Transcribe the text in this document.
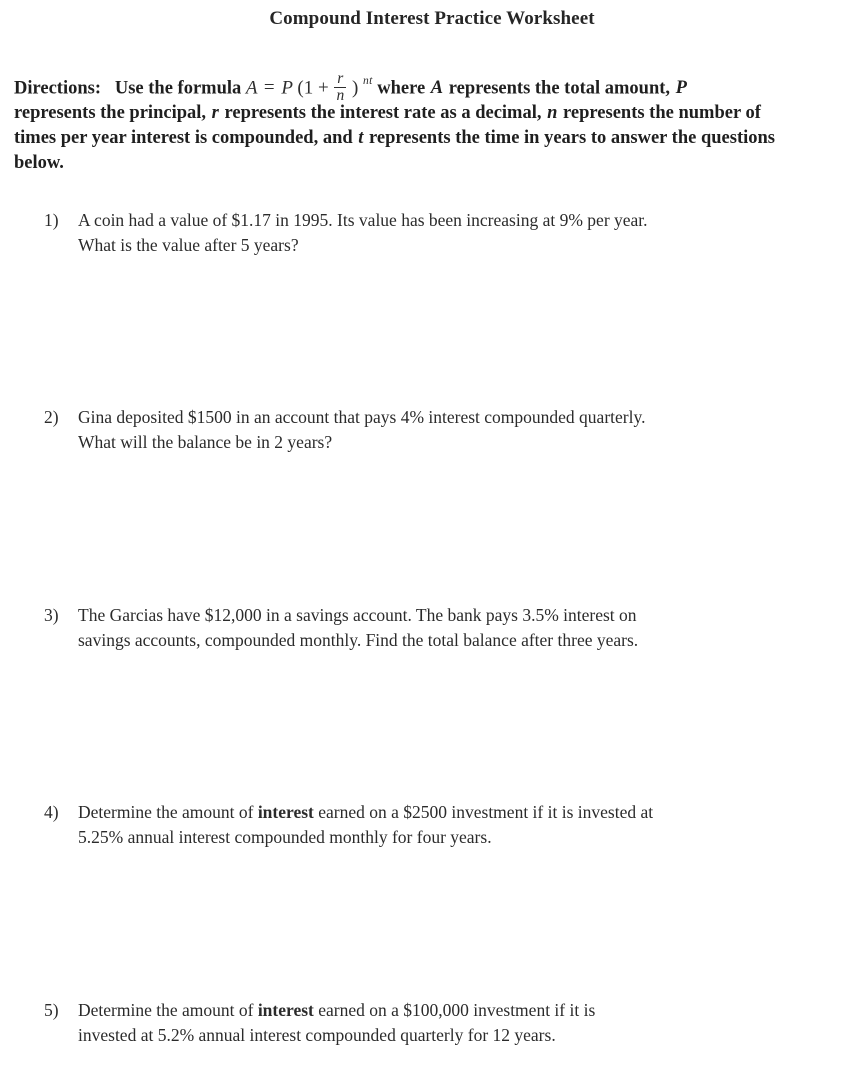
Compound Interest Practice Worksheet
Directions: Use the formula A = P ($1 + \frac{r}{n}$ ) $^{nt}$ where A represents the total amount, P
represents the principal, r represents the interest rate as a decimal, n represents the number of times per year interest is compounded, and t represents the time in years to answer the questions below.
1)	A coin had a value of $1.17 in 1995. Its value has been increasing at 9% per year.
What is the value after 5 years?
2)	Gina deposited $1500 in an account that pays 4% interest compounded quarterly.
What will the balance be in 2 years?
3)	The Garcias have $12,000 in a savings account. The bank pays 3.5% interest on
savings accounts, compounded monthly. Find the total balance after three years.
4)	Determine the amount of interest earned on a $2500 investment if it is invested at
5.25% annual interest compounded monthly for four years.
5)	Determine the amount of interest earned on a $100,000 investment if it is
invested at 5.2% annual interest compounded quarterly for 12 years.
